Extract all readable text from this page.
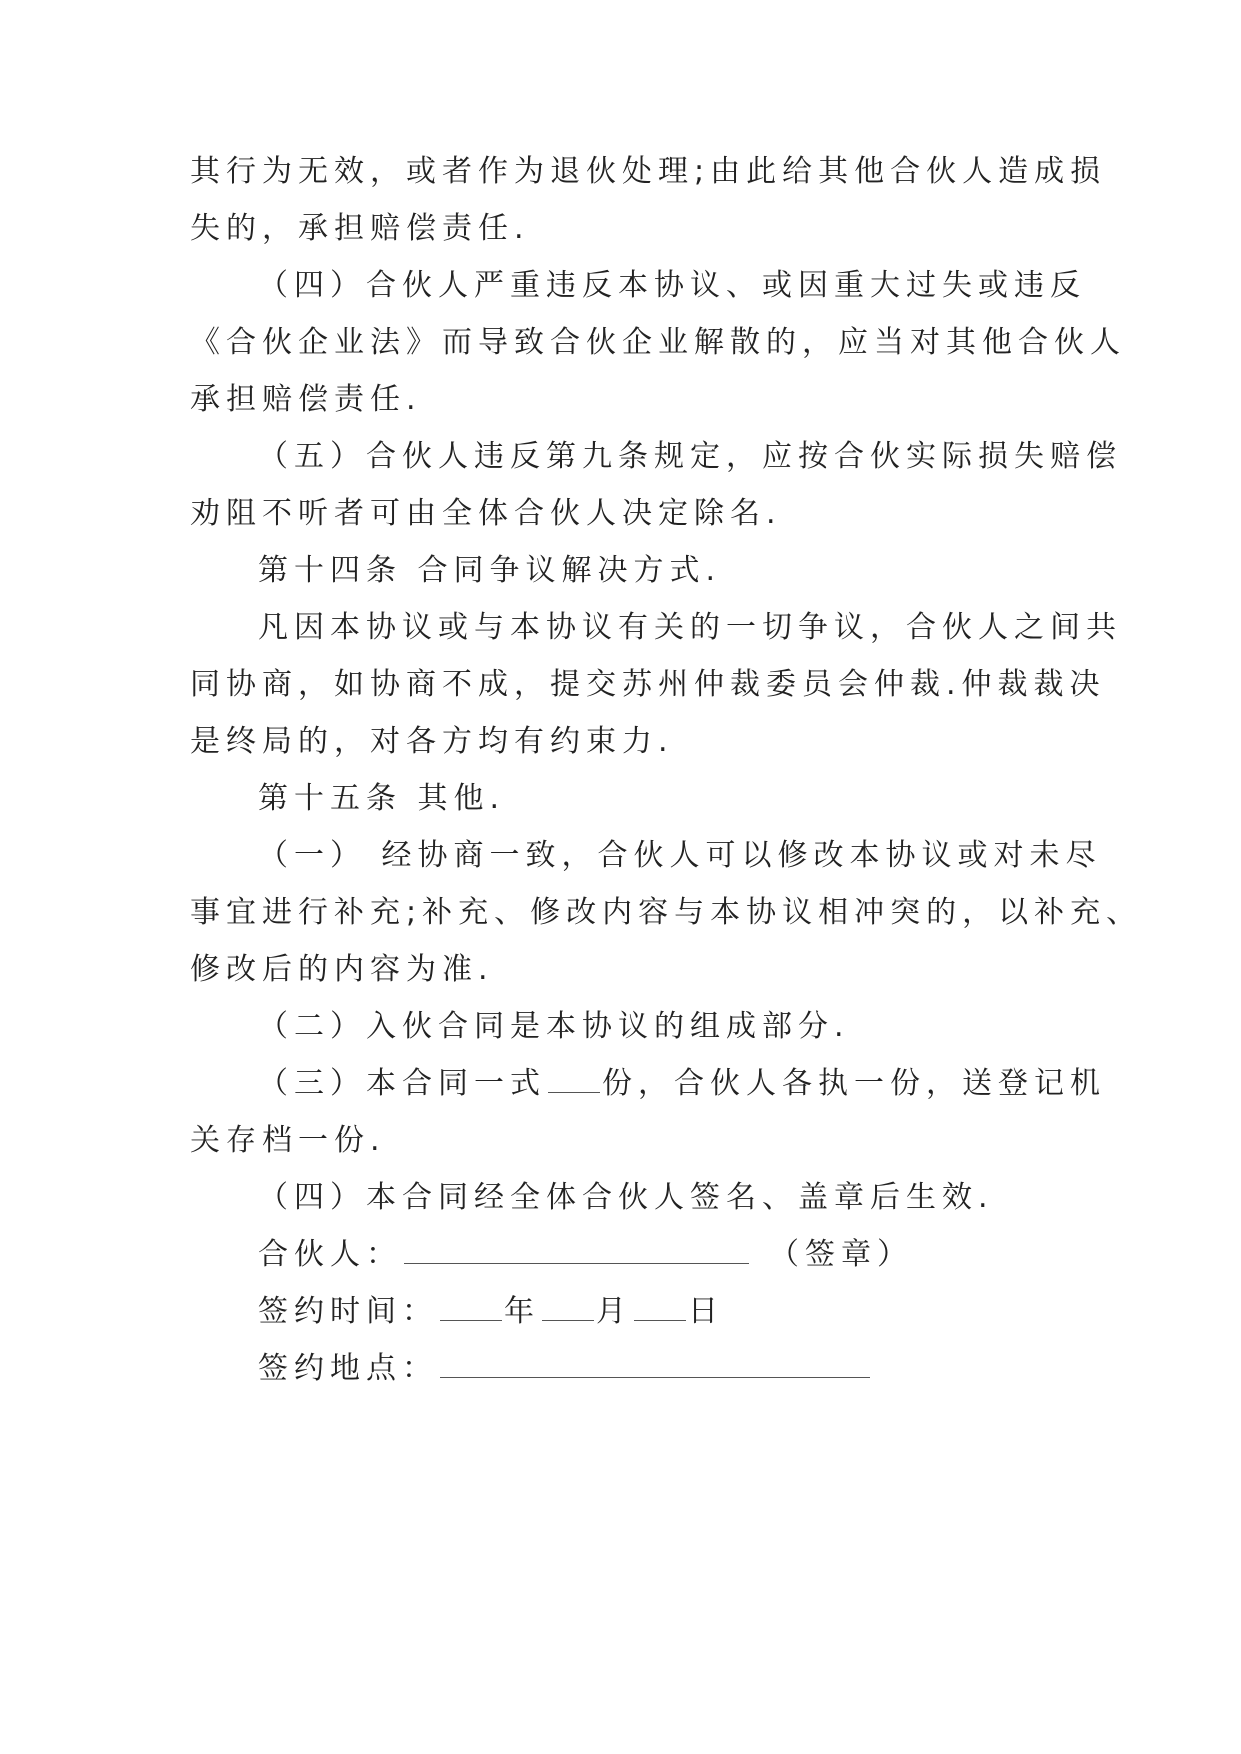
其行为无效，或者作为退伙处理;由此给其他合伙人造成损
失的，承担赔偿责任.
（四）合伙人严重违反本协议、或因重大过失或违反
《合伙企业法》而导致合伙企业解散的，应当对其他合伙人
承担赔偿责任.
（五）合伙人违反第九条规定，应按合伙实际损失赔偿
劝阻不听者可由全体合伙人决定除名.
第十四条 合同争议解决方式.
凡因本协议或与本协议有关的一切争议，合伙人之间共
同协商，如协商不成，提交苏州仲裁委员会仲裁.仲裁裁决
是终局的，对各方均有约束力.
第十五条 其他.
（一） 经协商一致，合伙人可以修改本协议或对未尽
事宜进行补充;补充、修改内容与本协议相冲突的，以补充、
修改后的内容为准.
（二）入伙合同是本协议的组成部分.
（三）本合同一式 份，合伙人各执一份，送登记机
关存档一份.
（四）本合同经全体合伙人签名、盖章后生效.
合伙人：	（签章）
签约时间： 年 月 日
签约地点：
